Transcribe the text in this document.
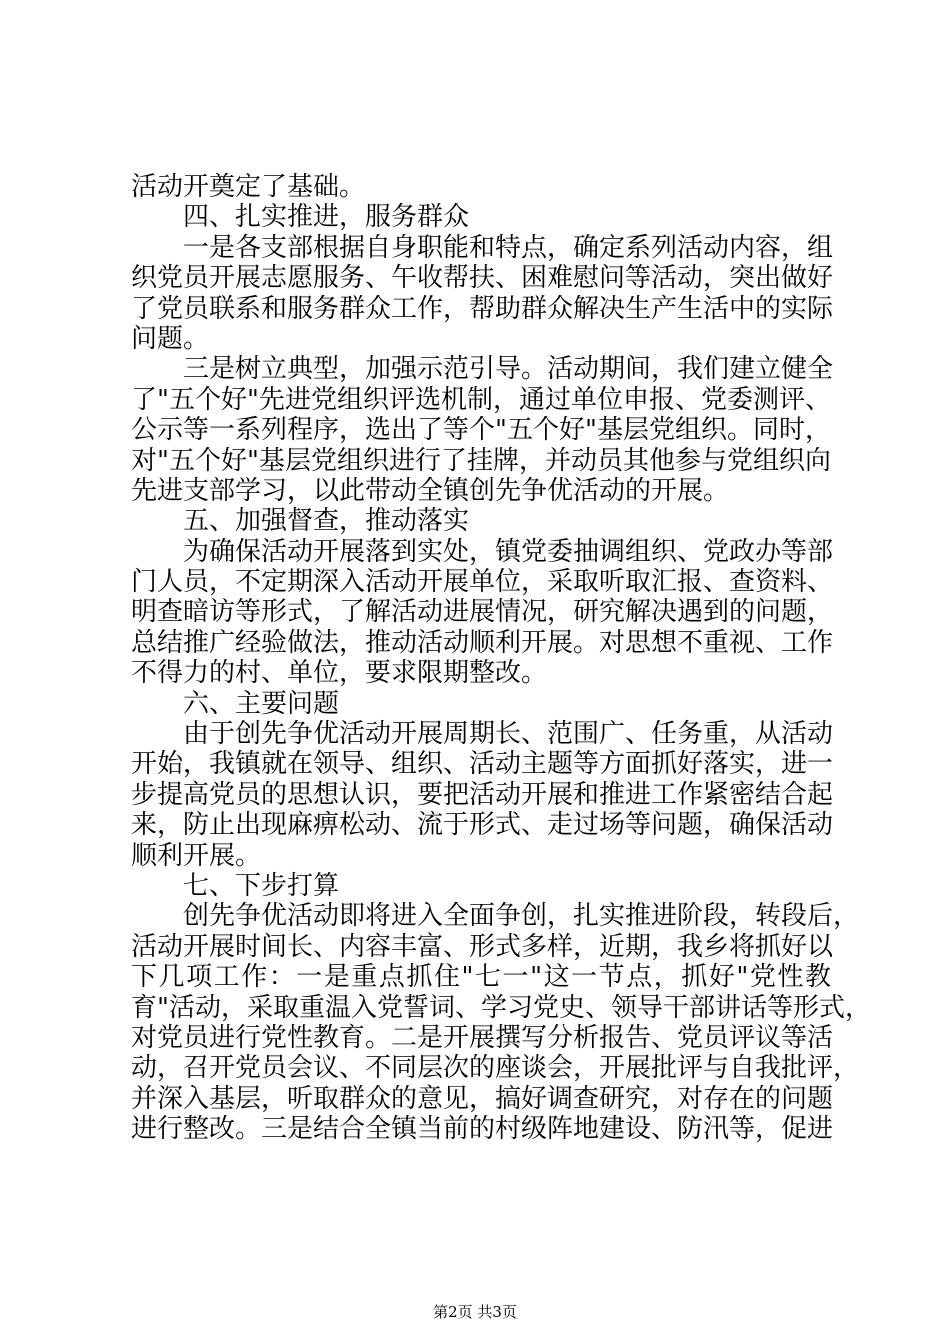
活动开奠定了基础。
四、扎实推进，服务群众
一是各支部根据自身职能和特点，确定系列活动内容，组
织党员开展志愿服务、午收帮扶、困难慰问等活动，突出做好
了党员联系和服务群众工作，帮助群众解决生产生活中的实际
问题。
三是树立典型，加强示范引导。活动期间，我们建立健全
了"五个好"先进党组织评选机制，通过单位申报、党委测评、
公示等一系列程序，选出了等个"五个好"基层党组织。同时，
对"五个好"基层党组织进行了挂牌，并动员其他参与党组织向
先进支部学习，以此带动全镇创先争优活动的开展。
五、加强督查，推动落实
为确保活动开展落到实处，镇党委抽调组织、党政办等部
门人员，不定期深入活动开展单位，采取听取汇报、查资料、
明查暗访等形式，了解活动进展情况，研究解决遇到的问题，
总结推广经验做法，推动活动顺利开展。对思想不重视、工作
不得力的村、单位，要求限期整改。
六、主要问题
由于创先争优活动开展周期长、范围广、任务重，从活动
开始，我镇就在领导、组织、活动主题等方面抓好落实，进一
步提高党员的思想认识，要把活动开展和推进工作紧密结合起
来，防止出现麻痹松动、流于形式、走过场等问题，确保活动
顺利开展。
七、下步打算
创先争优活动即将进入全面争创，扎实推进阶段，转段后，
活动开展时间长、内容丰富、形式多样，近期，我乡将抓好以
下几项工作：一是重点抓住"七一"这一节点，抓好"党性教
育"活动，采取重温入党誓词、学习党史、领导干部讲话等形式，
对党员进行党性教育。二是开展撰写分析报告、党员评议等活
动，召开党员会议、不同层次的座谈会，开展批评与自我批评，
并深入基层，听取群众的意见，搞好调查研究，对存在的问题
进行整改。三是结合全镇当前的村级阵地建设、防汛等，促进
第2页 共3页
